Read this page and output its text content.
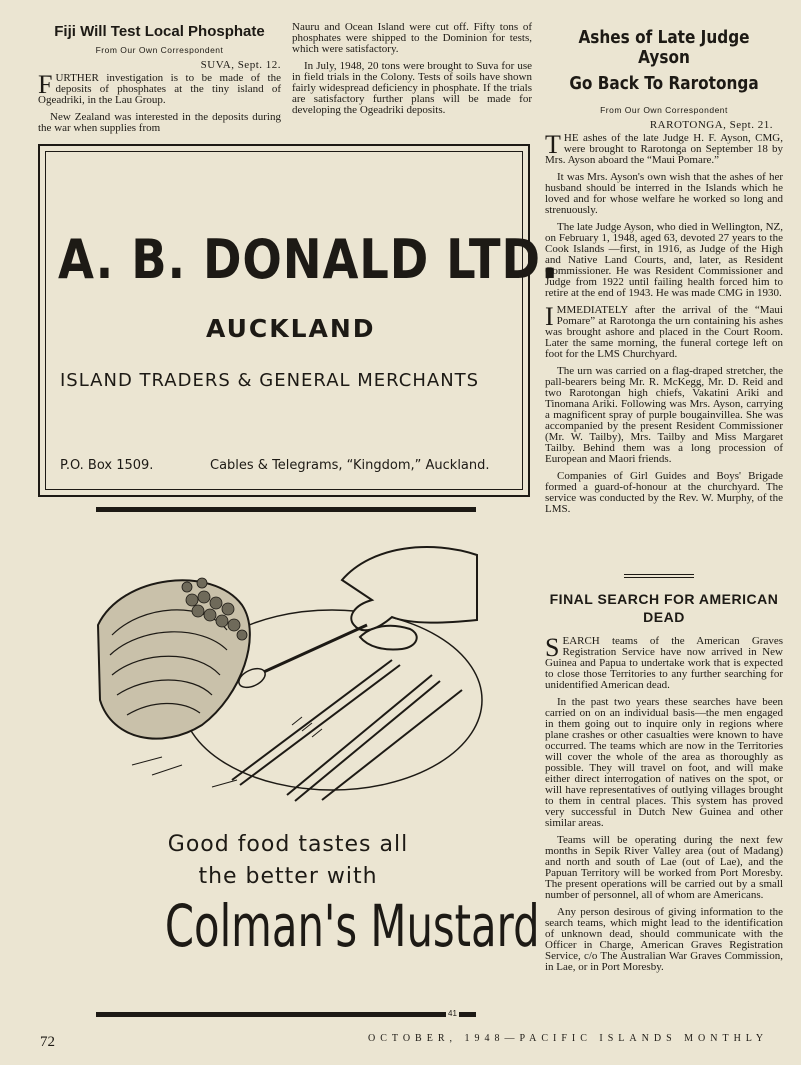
Fiji Will Test Local Phosphate
From Our Own Correspondent
SUVA, Sept. 12.

FURTHER investigation is to be made of the deposits of phosphates at the tiny island of Ogeadriki, in the Lau Group.

New Zealand was interested in the deposits during the war when supplies from

Nauru and Ocean Island were cut off. Fifty tons of phosphates were shipped to the Dominion for tests, which were satisfactory.

In July, 1948, 20 tons were brought to Suva for use in field trials in the Colony. Tests of soils have shown fairly widespread deficiency in phosphate. If the trials are satisfactory further plans will be made for developing the Ogeadriki deposits.

A. B. DONALD LTD.
AUCKLAND
ISLAND TRADERS & GENERAL MERCHANTS
P.O. Box 1509.	Cables & Telegrams, “Kingdom,” Auckland.
Good food tastes all
the better with
Colman's Mustard
41
Ashes of Late Judge Ayson
Go Back To Rarotonga
From Our Own Correspondent
RAROTONGA, Sept. 21.

THE ashes of the late Judge H. F. Ayson, CMG, were brought to Rarotonga on September 18 by Mrs. Ayson aboard the “Maui Pomare.”

It was Mrs. Ayson's own wish that the ashes of her husband should be interred in the Islands which he loved and for whose welfare he worked so long and strenuously.

The late Judge Ayson, who died in Wellington, NZ, on February 1, 1948, aged 63, devoted 27 years to the Cook Islands —first, in 1916, as Judge of the High and Native Land Courts, and, later, as Resident Commissioner. He was Resident Commissioner and Judge from 1922 until failing health forced him to retire at the end of 1943. He was made CMG in 1930.

IMMEDIATELY after the arrival of the “Maui Pomare” at Rarotonga the urn containing his ashes was brought ashore and placed in the Court Room. Later the same morning, the funeral cortege left on foot for the LMS Churchyard.

The urn was carried on a flag-draped stretcher, the pall-bearers being Mr. R. McKegg, Mr. D. Reid and two Rarotongan high chiefs, Vakatini Ariki and Tinomana Ariki. Following was Mrs. Ayson, carrying a magnificent spray of purple bougainvillea. She was accompanied by the present Resident Commissioner (Mr. W. Tailby), Mrs. Tailby and Miss Margaret Tailby. Behind them was a long procession of European and Maori friends.

Companies of Girl Guides and Boys' Brigade formed a guard-of-honour at the churchyard. The service was conducted by the Rev. W. Murphy, of the LMS.

FINAL SEARCH FOR AMERICAN
DEAD

SEARCH teams of the American Graves Registration Service have now arrived in New Guinea and Papua to undertake work that is expected to close those Territories to any further searching for unidentified American dead.

In the past two years these searches have been carried on on an individual basis—the men engaged in them going out to inquire only in regions where plane crashes or other casualties were known to have occurred. The teams which are now in the Territories will cover the whole of the area as thoroughly as possible. They will travel on foot, and will make either direct interrogation of natives on the spot, or will have representatives of outlying villages brought to them in central places. This system has proved very successful in Dutch New Guinea and other similar areas.

Teams will be operating during the next few months in Sepik River Valley area (out of Madang) and north and south of Lae (out of Lae), and the Papuan Territory will be worked from Port Moresby. The present operations will be carried out by a small number of personnel, all of whom are Americans.

Any person desirous of giving information to the search teams, which might lead to the identification of unknown dead, should communicate with the Officer in Charge, American Graves Registration Service, c/o The Australian War Graves Commission, in Lae, or in Port Moresby.

72	OCTOBER, 1948—PACIFIC ISLANDS MONTHLY
